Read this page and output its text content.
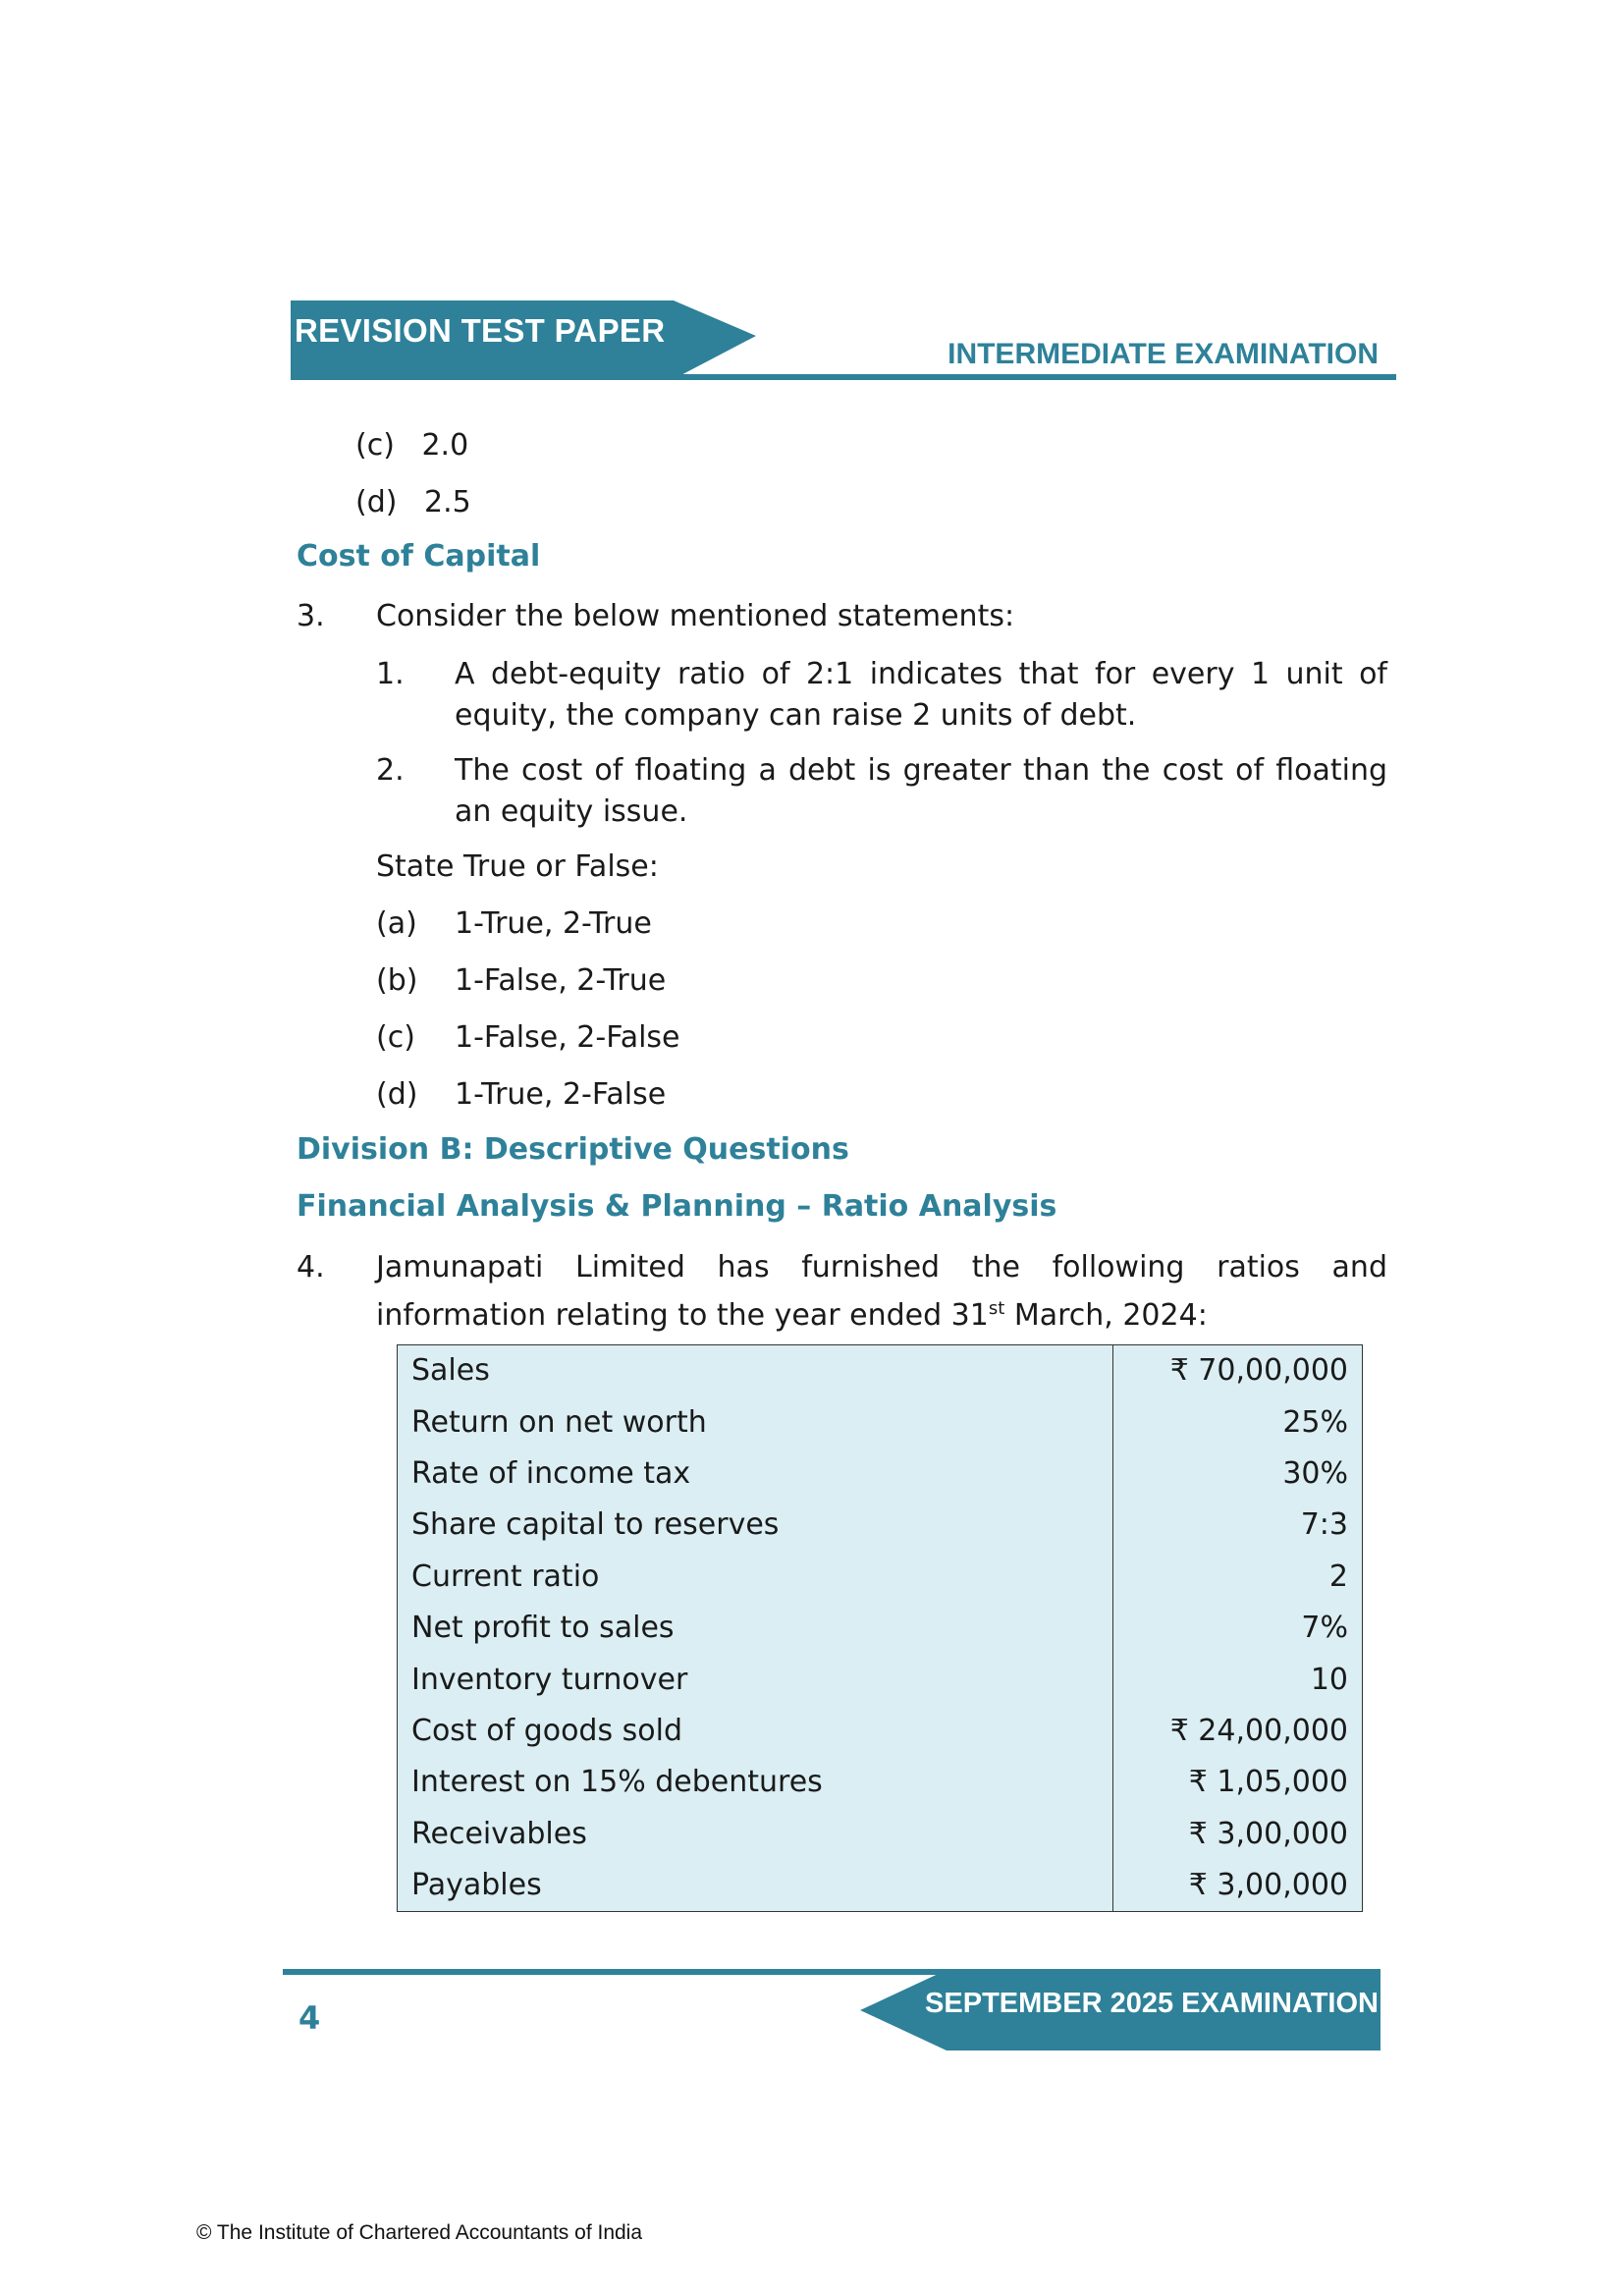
REVISION TEST PAPER
INTERMEDIATE EXAMINATION
(c) 2.0
(d) 2.5
Cost of Capital
3. Consider the below mentioned statements:
1. A debt-equity ratio of 2:1 indicates that for every 1 unit of equity, the company can raise 2 units of debt.
2. The cost of floating a debt is greater than the cost of floating an equity issue.
State True or False:
(a) 1-True, 2-True
(b) 1-False, 2-True
(c) 1-False, 2-False
(d) 1-True, 2-False
Division B: Descriptive Questions
Financial Analysis & Planning – Ratio Analysis
4. Jamunapati Limited has furnished the following ratios and information relating to the year ended 31st March, 2024:
Sales	₹ 70,00,000
Return on net worth	25%
Rate of income tax	30%
Share capital to reserves	7:3
Current ratio	2
Net profit to sales	7%
Inventory turnover	10
Cost of goods sold	₹ 24,00,000
Interest on 15% debentures	₹ 1,05,000
Receivables	₹ 3,00,000
Payables	₹ 3,00,000
SEPTEMBER 2025 EXAMINATION
4
© The Institute of Chartered Accountants of India
